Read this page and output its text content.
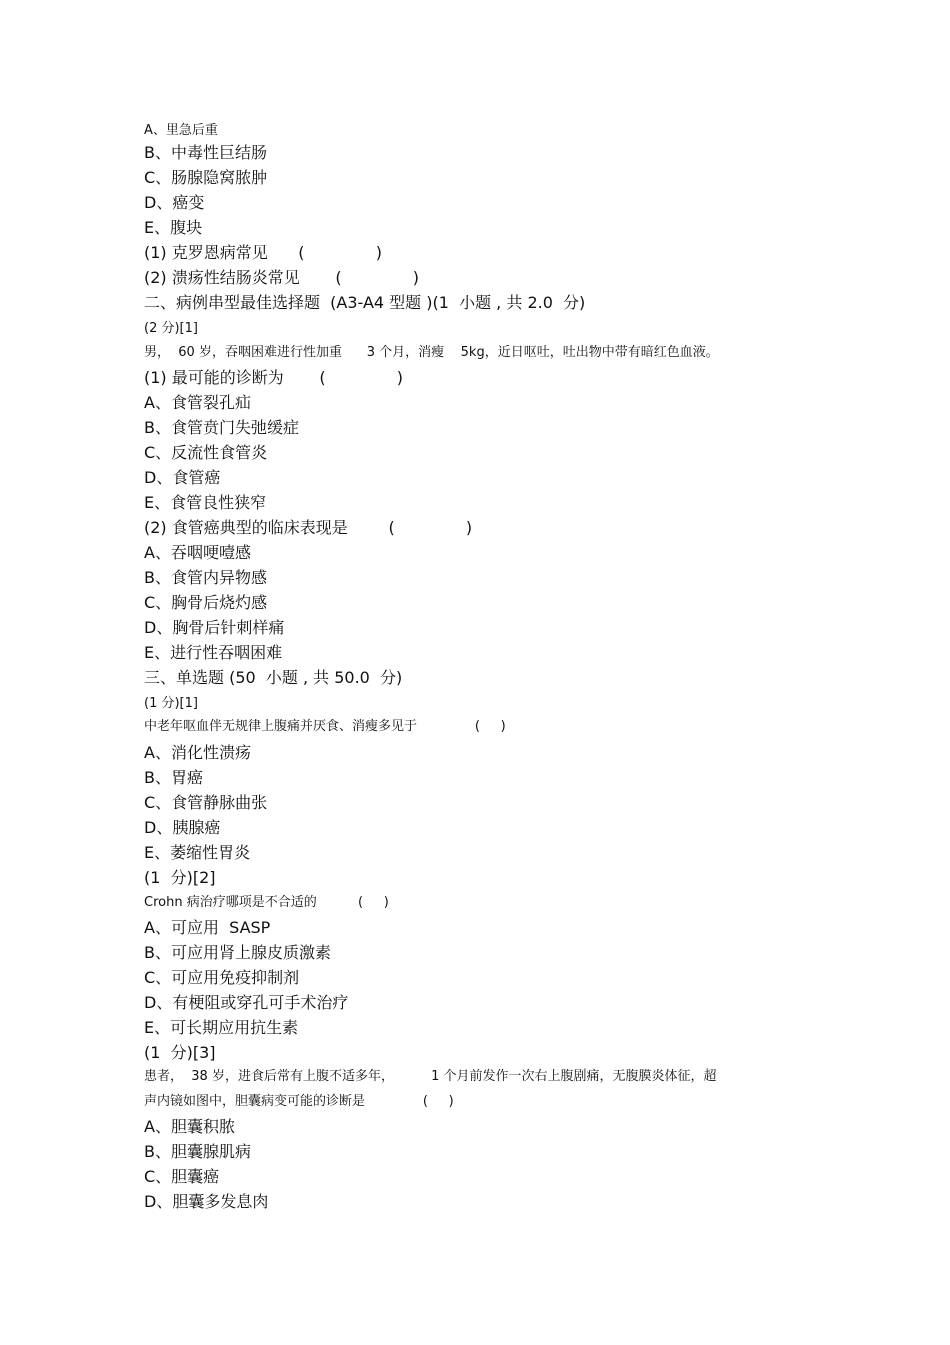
A、里急后重
B、中毒性巨结肠
C、肠腺隐窝脓肿
D、癌变
E、腹块
(1) 克罗恩病常见      (              )
(2) 溃疡性结肠炎常见       (              )
二、病例串型最佳选择题  (A3-A4 型题 )(1  小题 , 共 2.0  分)
(2 分)[1]
男，  60 岁，吞咽困难进行性加重      3 个月，消瘦    5kg，近日呕吐，吐出物中带有暗红色血液。
(1) 最可能的诊断为       (              )
A、食管裂孔疝
B、食管贲门失弛缓症
C、反流性食管炎
D、食管癌
E、食管良性狭窄
(2) 食管癌典型的临床表现是        (              )
A、吞咽哽噎感
B、食管内异物感
C、胸骨后烧灼感
D、胸骨后针刺样痛
E、进行性吞咽困难
三、单选题 (50  小题 , 共 50.0  分)
(1 分)[1]
中老年呕血伴无规律上腹痛并厌食、消瘦多见于              (     )
A、消化性溃疡
B、胃癌
C、食管静脉曲张
D、胰腺癌
E、萎缩性胃炎
(1  分)[2]
Crohn 病治疗哪项是不合适的          (     )
A、可应用  SASP
B、可应用肾上腺皮质激素
C、可应用免疫抑制剂
D、有梗阻或穿孔可手术治疗
E、可长期应用抗生素
(1  分)[3]
患者，  38 岁，进食后常有上腹不适多年，         1 个月前发作一次右上腹剧痛，无腹膜炎体征，超
声内镜如图中，胆囊病变可能的诊断是              (     )
A、胆囊积脓
B、胆囊腺肌病
C、胆囊癌
D、胆囊多发息肉
